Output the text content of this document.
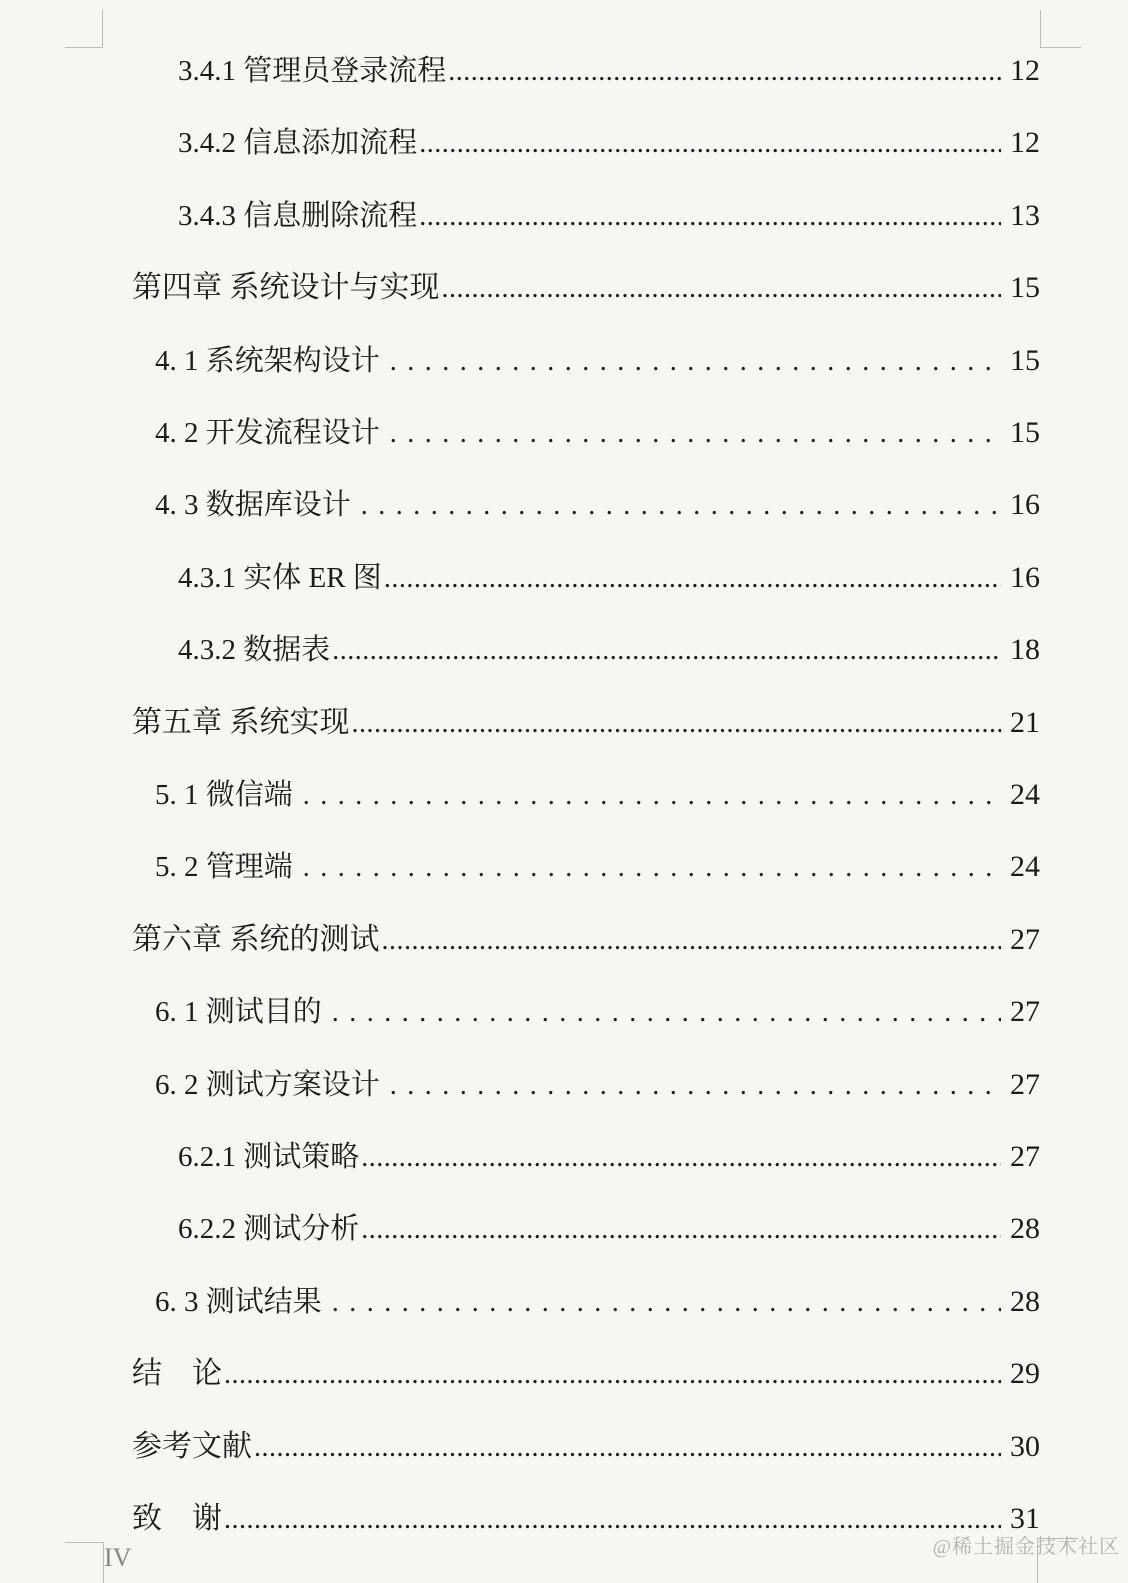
3.4.1 管理员登录流程 .....	12
3.4.2 信息添加流程 .....	12
3.4.3 信息删除流程 .....	13
第四章 系统设计与实现 .....	15
4. 1 系统架构设计 .....	15
4. 2 开发流程设计 .....	15
4. 3 数据库设计 .....	16
4.3.1 实体 ER 图 .....	16
4.3.2 数据表 .....	18
第五章 系统实现 .....	21
5. 1 微信端 .....	24
5. 2 管理端 .....	24
第六章 系统的测试 .....	27
6. 1 测试目的 .....	27
6. 2 测试方案设计 .....	27
6.2.1 测试策略 .....	27
6.2.2 测试分析 .....	28
6. 3 测试结果 .....	28
结　论 .....	29
参考文献 .....	30
致　谢 .....	31
IV	@稀土掘金技术社区
